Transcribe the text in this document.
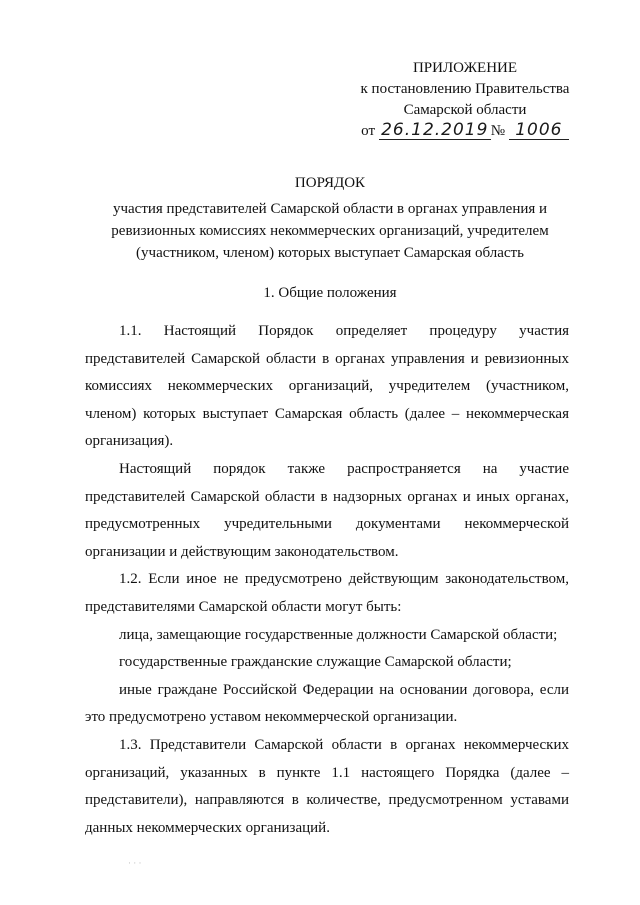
ПРИЛОЖЕНИЕ
к постановлению Правительства
Самарской области
от 26.12.2019 № 1006
ПОРЯДОК
участия представителей Самарской области в органах управления и ревизионных комиссиях некоммерческих организаций, учредителем (участником, членом) которых выступает Самарская область
1. Общие положения

1.1. Настоящий Порядок определяет процедуру участия представителей Самарской области в органах управления и ревизионных комиссиях некоммерческих организаций, учредителем (участником, членом) которых выступает Самарская область (далее – некоммерческая организация).

Настоящий порядок также распространяется на участие представителей Самарской области в надзорных органах и иных органах, предусмотренных учредительными документами некоммерческой организации и действующим законодательством.

1.2. Если иное не предусмотрено действующим законодательством, представителями Самарской области могут быть:

лица, замещающие государственные должности Самарской области;

государственные гражданские служащие Самарской области;

иные граждане Российской Федерации на основании договора, если это предусмотрено уставом некоммерческой организации.

1.3. Представители Самарской области в органах некоммерческих организаций, указанных в пункте 1.1 настоящего Порядка (далее – представители), направляются в количестве, предусмотренном уставами данных некоммерческих организаций.

· · ·
